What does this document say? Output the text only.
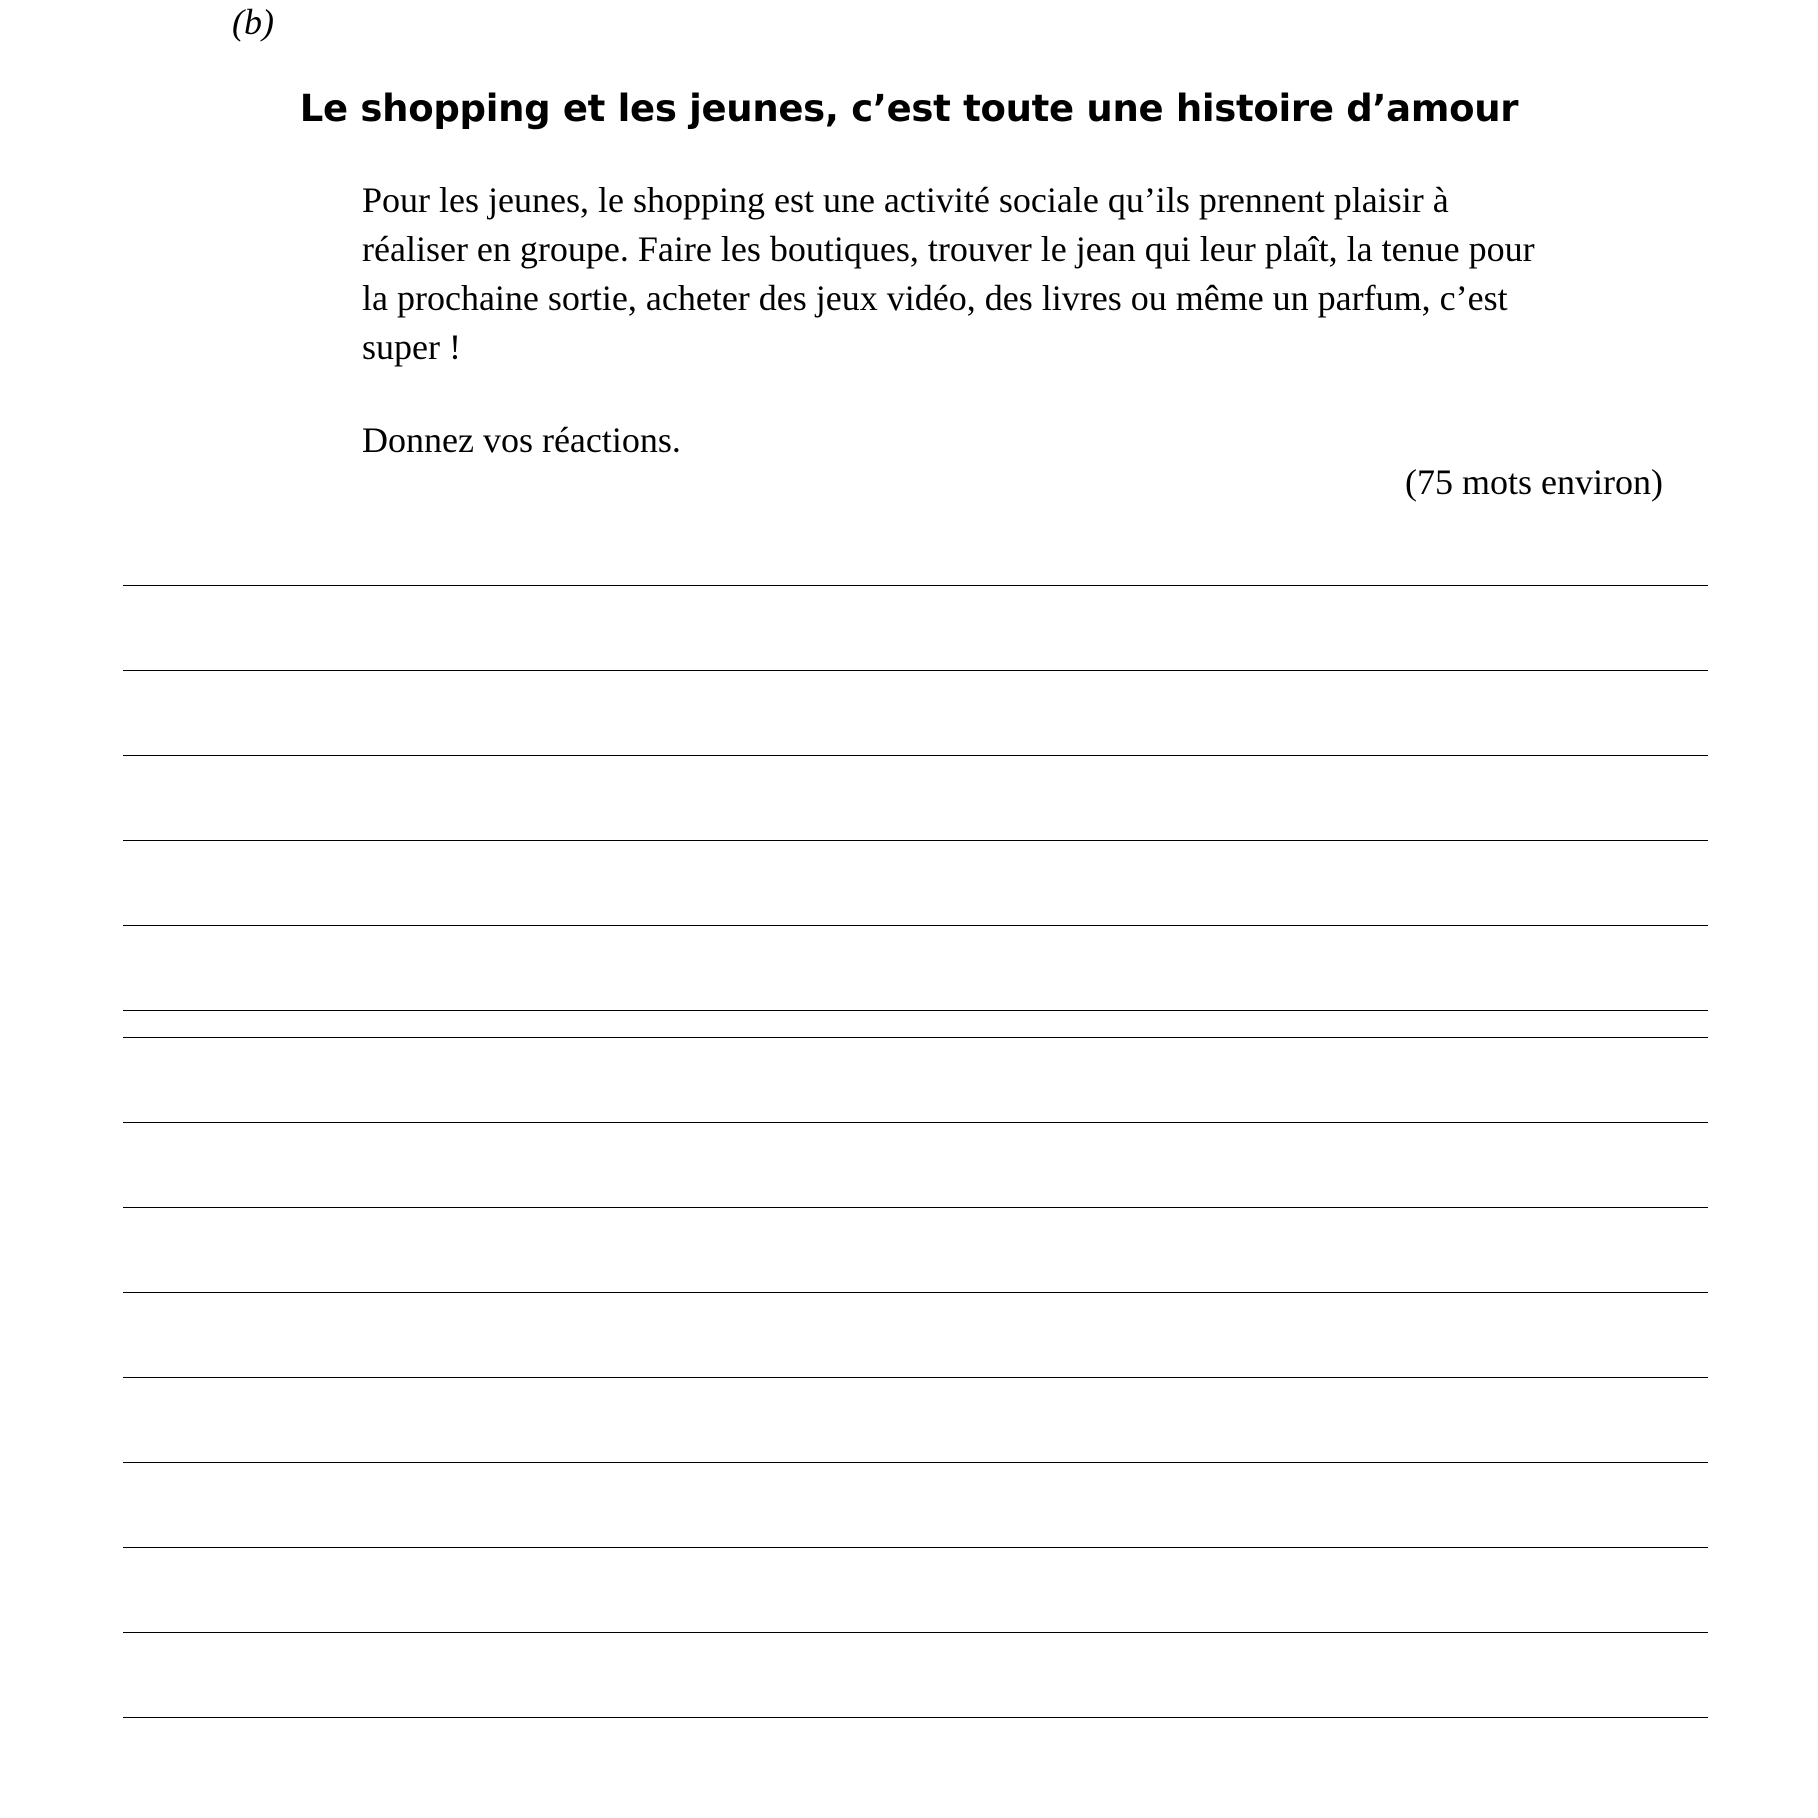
(b)
Le shopping et les jeunes, c’est toute une histoire d’amour

Pour les jeunes, le shopping est une activité sociale qu’ils prennent plaisir à
réaliser en groupe. Faire les boutiques, trouver le jean qui leur plaît, la tenue pour
la prochaine sortie, acheter des jeux vidéo, des livres ou même un parfum, c’est
super !

Donnez vos réactions.
(75 mots environ)
